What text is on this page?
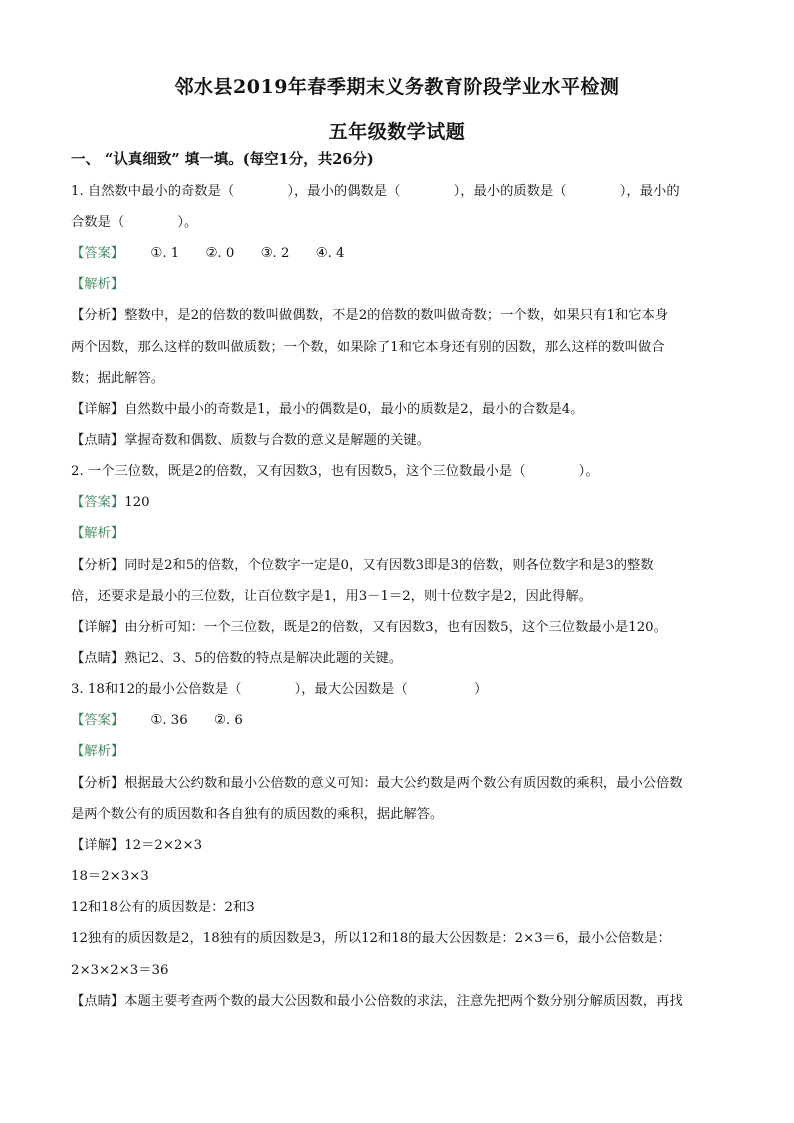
邻水县2019年春季期末义务教育阶段学业水平检测
五年级数学试题
一、 “认真细致” 填一填。(每空1分，共26分)
1. 自然数中最小的奇数是（　　　　），最小的偶数是（　　　　），最小的质数是（　　　　），最小的
合数是（　　　　）。
【答案】 ①. 1 ②. 0 ③. 2 ④. 4
【解析】
【分析】整数中，是2的倍数的数叫做偶数，不是2的倍数的数叫做奇数；一个数，如果只有1和它本身
两个因数，那么这样的数叫做质数；一个数，如果除了1和它本身还有别的因数，那么这样的数叫做合
数；据此解答。
【详解】自然数中最小的奇数是1，最小的偶数是0，最小的质数是2，最小的合数是4。
【点睛】掌握奇数和偶数、质数与合数的意义是解题的关键。
2. 一个三位数，既是2的倍数，又有因数3，也有因数5，这个三位数最小是（　　　　）。
【答案】120
【解析】
【分析】同时是2和5的倍数，个位数字一定是0，又有因数3即是3的倍数，则各位数字和是3的整数
倍，还要求是最小的三位数，让百位数字是1，用3－1＝2，则十位数字是2，因此得解。
【详解】由分析可知：一个三位数，既是2的倍数，又有因数3，也有因数5，这个三位数最小是120。
【点睛】熟记2、3、5的倍数的特点是解决此题的关键。
3. 18和12的最小公倍数是（　　　　），最大公因数是（　　　　　）
【答案】 ①. 36 ②. 6
【解析】
【分析】根据最大公约数和最小公倍数的意义可知：最大公约数是两个数公有质因数的乘积，最小公倍数
是两个数公有的质因数和各自独有的质因数的乘积，据此解答。
【详解】12＝2×2×3
18＝2×3×3
12和18公有的质因数是：2和3
12独有的质因数是2，18独有的质因数是3，所以12和18的最大公因数是：2×3＝6，最小公倍数是：
2×3×2×3＝36
【点睛】本题主要考查两个数的最大公因数和最小公倍数的求法，注意先把两个数分别分解质因数，再找
